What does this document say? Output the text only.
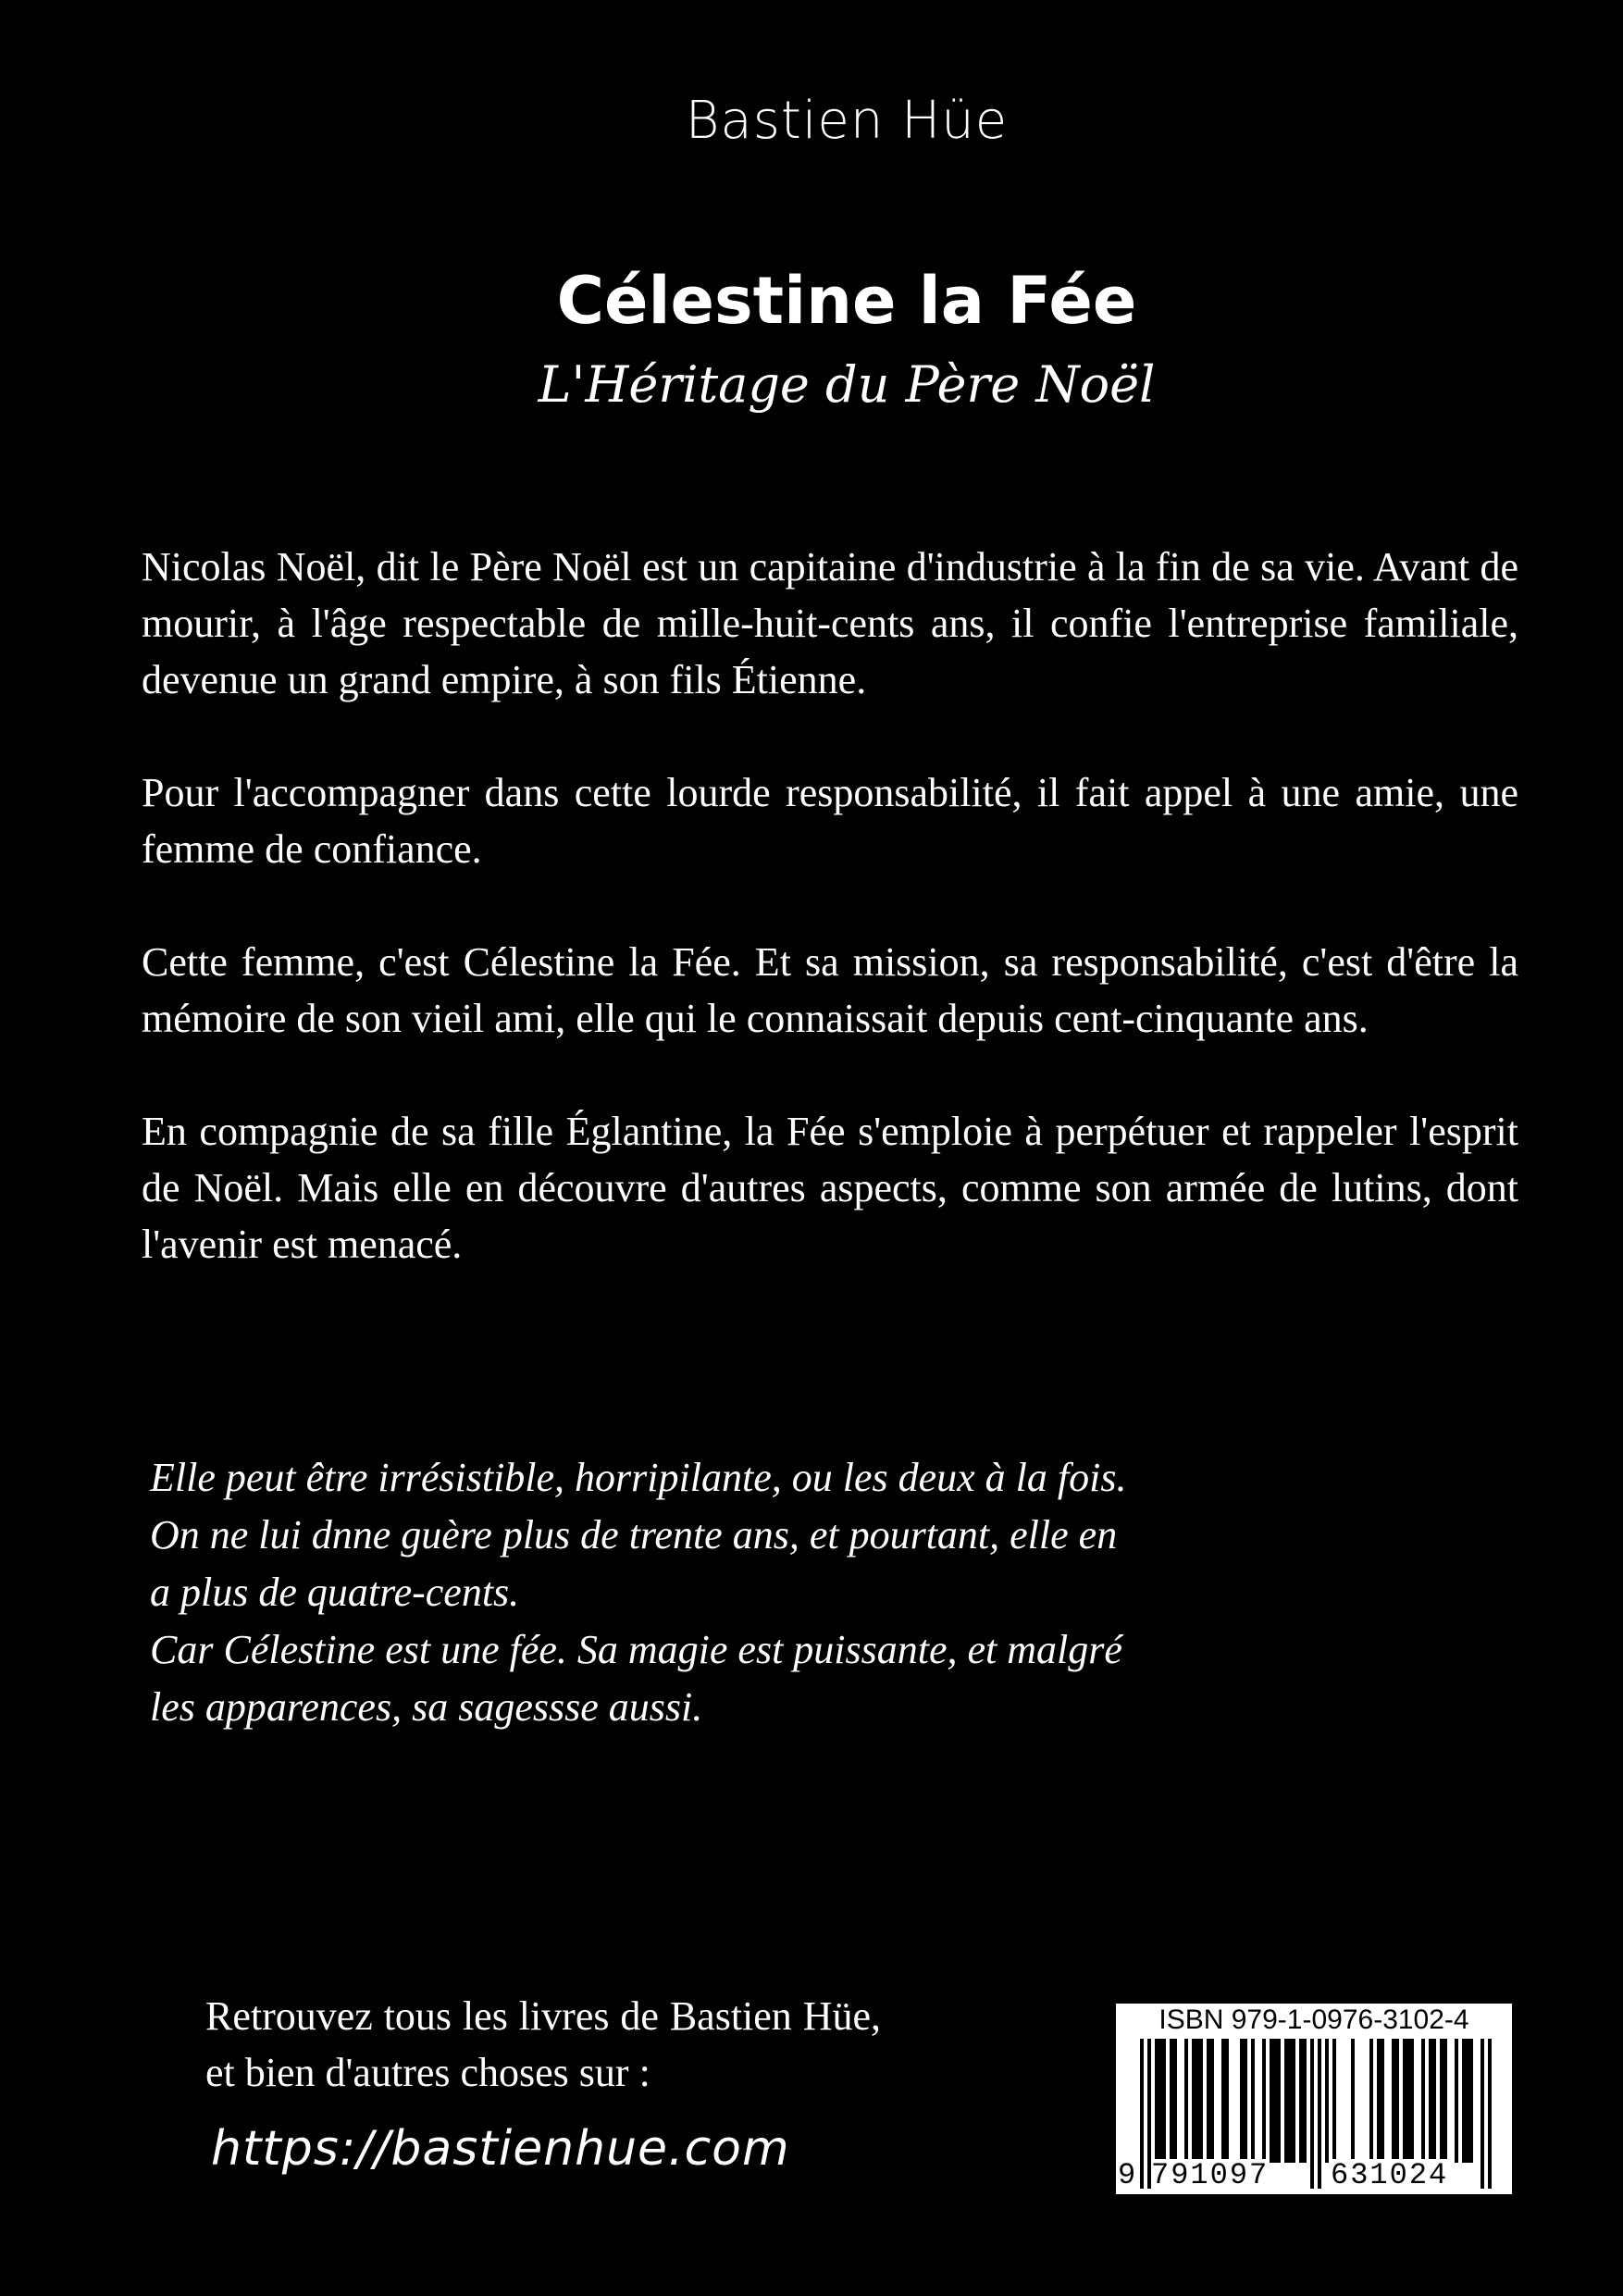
Bastien Hüe
Célestine la Fée
L'Héritage du Père Noël

Nicolas Noël, dit le Père Noël est un capitaine d'industrie à la fin de sa vie. Avant de mourir, à l'âge respectable de mille-huit-cents ans, il confie l'entreprise familiale, devenue un grand empire, à son fils Étienne.

Pour l'accompagner dans cette lourde responsabilité, il fait appel à une amie, une femme de confiance.

Cette femme, c'est Célestine la Fée. Et sa mission, sa responsabilité, c'est d'être la mémoire de son vieil ami, elle qui le connaissait depuis cent-cinquante ans.

En compagnie de sa fille Églantine, la Fée s'emploie à perpétuer et rappeler l'esprit de Noël. Mais elle en découvre d'autres aspects, comme son armée de lutins, dont l'avenir est menacé.

Elle peut être irrésistible, horripilante, ou les deux à la fois.
On ne lui dnne guère plus de trente ans, et pourtant, elle en
a plus de quatre-cents.
Car Célestine est une fée. Sa magie est puissante, et malgré
les apparences, sa sagessse aussi.
Retrouvez tous les livres de Bastien Hüe, et bien d'autres choses sur :
https://bastienhue.com
ISBN 979-1-0976-3102-4
9 791097 631024
